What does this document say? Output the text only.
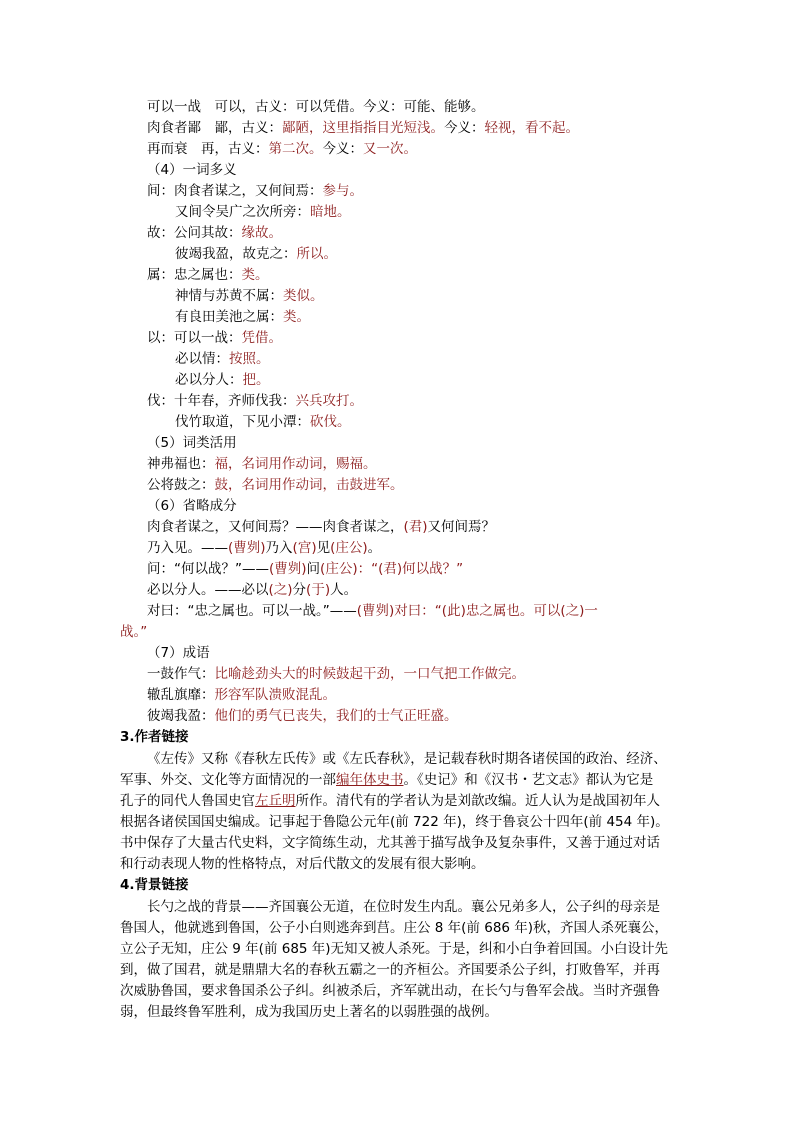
可以一战　可以，古义：可以凭借。今义：可能、能够。
肉食者鄙　鄙，古义：鄙陋，这里指指目光短浅。今义：轻视，看不起。
再而衰　再，古义：第二次。今义：又一次。
（4）一词多义
间：肉食者谋之，又何间焉：参与。
又间令吴广之次所旁：暗地。
故：公问其故：缘故。
彼竭我盈，故克之：所以。
属：忠之属也：类。
神情与苏黄不属：类似。
有良田美池之属：类。
以：可以一战：凭借。
必以情：按照。
必以分人：把。
伐：十年春，齐师伐我：兴兵攻打。
伐竹取道，下见小潭：砍伐。
（5）词类活用
神弗福也：福，名词用作动词，赐福。
公将鼓之：鼓，名词用作动词，击鼓进军。
（6）省略成分
肉食者谋之，又何间焉？——肉食者谋之，(君)又何间焉？
乃入见。——(曹刿)乃入(宫)见(庄公)。
问：“何以战？”——(曹刿)问(庄公)：“(君)何以战？”
必以分人。——必以(之)分(于)人。
对曰：“忠之属也。可以一战。”——(曹刿)对曰：“(此)忠之属也。可以(之)一
战。”
（7）成语
一鼓作气：比喻趁劲头大的时候鼓起干劲，一口气把工作做完。
辙乱旗靡：形容军队溃败混乱。
彼竭我盈：他们的勇气已丧失，我们的士气正旺盛。
3.作者链接
《左传》又称《春秋左氏传》或《左氏春秋》，是记载春秋时期各诸侯国的政治、经济、
军事、外交、文化等方面情况的一部编年体史书。《史记》和《汉书・艺文志》都认为它是
孔子的同代人鲁国史官左丘明所作。清代有的学者认为是刘歆改编。近人认为是战国初年人
根据各诸侯国国史编成。记事起于鲁隐公元年(前 722 年)，终于鲁哀公十四年(前 454 年)。
书中保存了大量古代史料，文字简练生动，尤其善于描写战争及复杂事件，又善于通过对话
和行动表现人物的性格特点，对后代散文的发展有很大影响。
4.背景链接
长勺之战的背景——齐国襄公无道，在位时发生内乱。襄公兄弟多人，公子纠的母亲是
鲁国人，他就逃到鲁国，公子小白则逃奔到莒。庄公 8 年(前 686 年)秋，齐国人杀死襄公，
立公子无知，庄公 9 年(前 685 年)无知又被人杀死。于是，纠和小白争着回国。小白设计先
到，做了国君，就是鼎鼎大名的春秋五霸之一的齐桓公。齐国要杀公子纠，打败鲁军，并再
次威胁鲁国，要求鲁国杀公子纠。纠被杀后，齐军就出动，在长勺与鲁军会战。当时齐强鲁
弱，但最终鲁军胜利，成为我国历史上著名的以弱胜强的战例。
